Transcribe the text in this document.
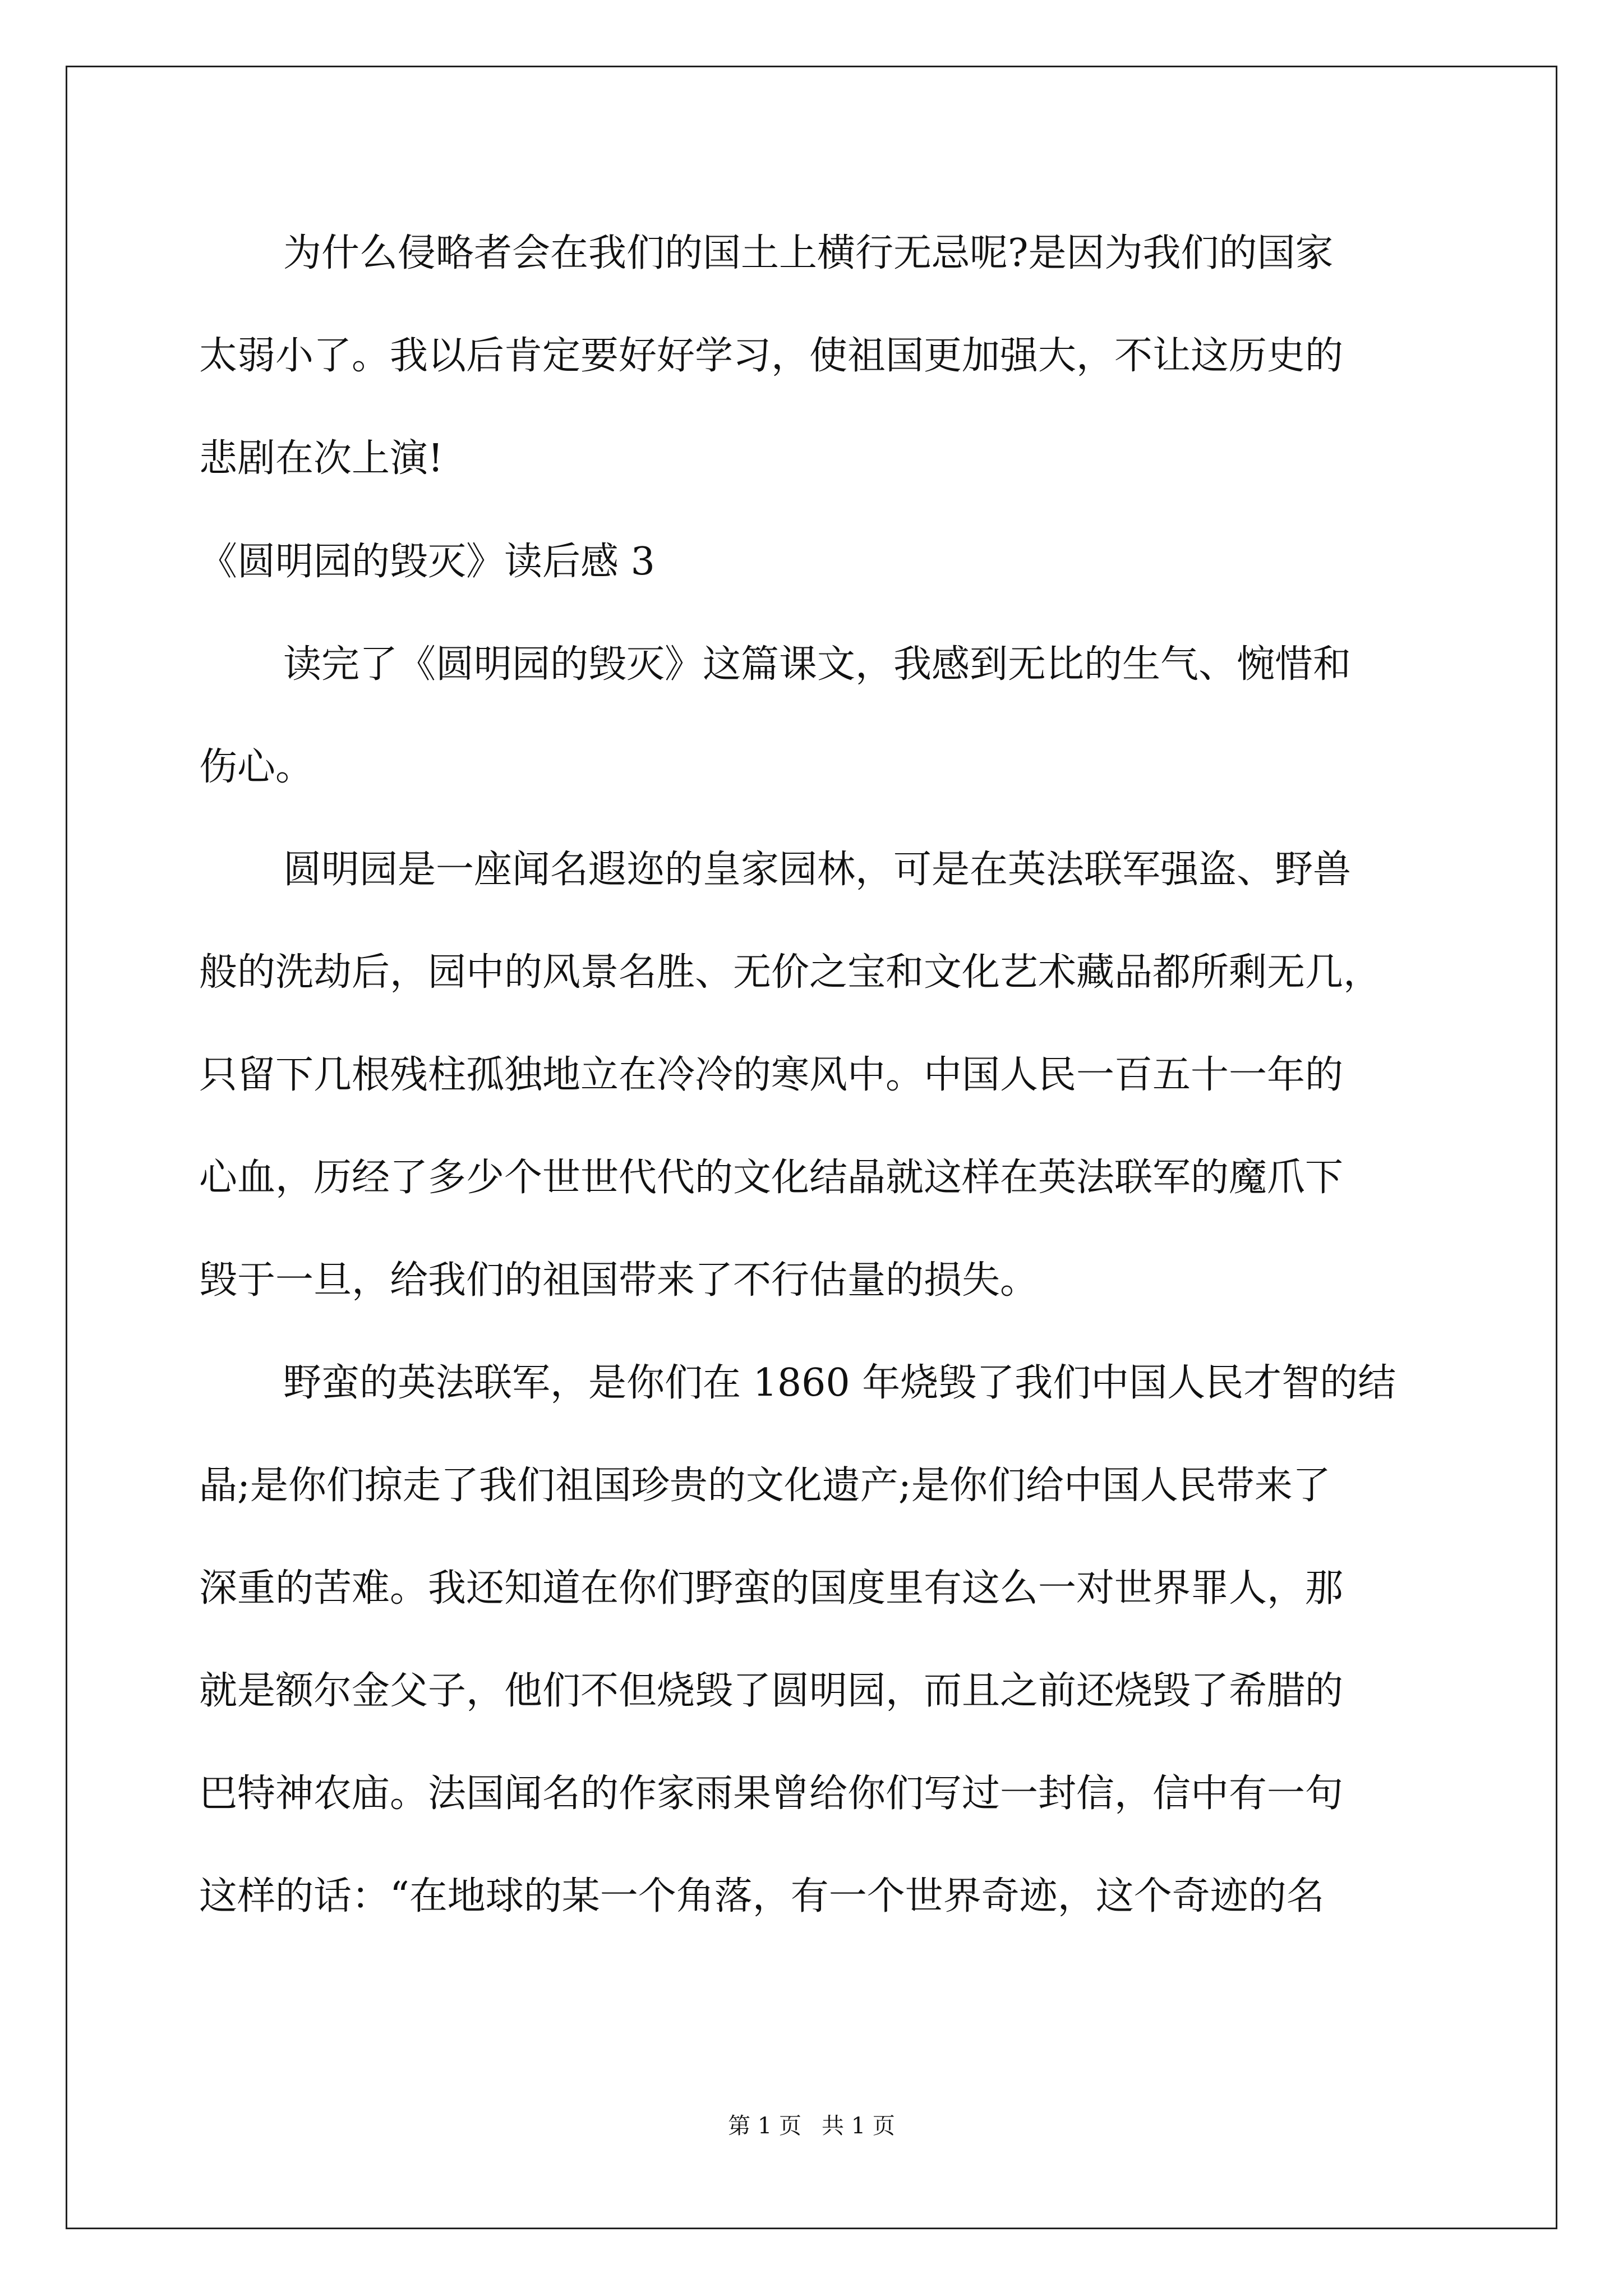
为什么侵略者会在我们的国土上横行无忌呢?是因为我们的国家
太弱小了。我以后肯定要好好学习，使祖国更加强大，不让这历史的
悲剧在次上演!
《圆明园的毁灭》读后感 3
读完了《圆明园的毁灭》这篇课文，我感到无比的生气、惋惜和
伤心。
圆明园是一座闻名遐迩的皇家园林，可是在英法联军强盗、野兽
般的洗劫后，园中的风景名胜、无价之宝和文化艺术藏品都所剩无几，
只留下几根残柱孤独地立在冷冷的寒风中。中国人民一百五十一年的
心血，历经了多少个世世代代的文化结晶就这样在英法联军的魔爪下
毁于一旦，给我们的祖国带来了不行估量的损失。
野蛮的英法联军，是你们在 1860 年烧毁了我们中国人民才智的结
晶;是你们掠走了我们祖国珍贵的文化遗产;是你们给中国人民带来了
深重的苦难。我还知道在你们野蛮的国度里有这么一对世界罪人，那
就是额尔金父子，他们不但烧毁了圆明园，而且之前还烧毁了希腊的
巴特神农庙。法国闻名的作家雨果曾给你们写过一封信，信中有一句
这样的话：“在地球的某一个角落，有一个世界奇迹，这个奇迹的名
第 1 页 共 1 页
